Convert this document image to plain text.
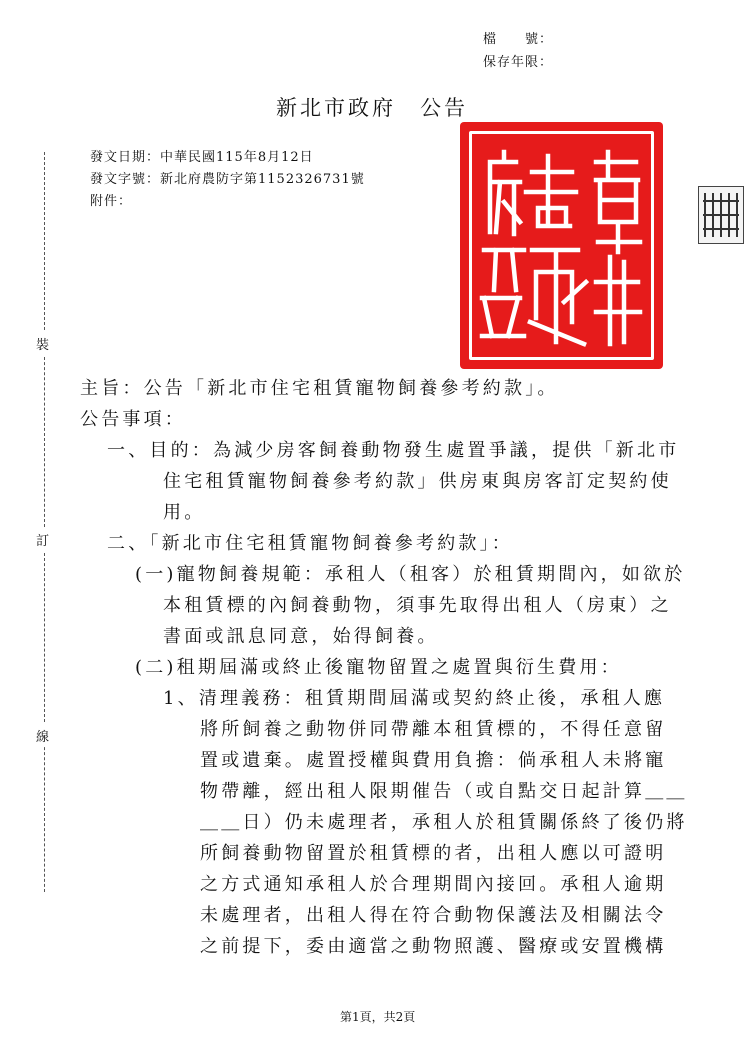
檔　　號：
保存年限：
新北市政府　公告
發文日期：中華民國115年8月12日
發文字號：新北府農防字第1152326731號
附件：
裝
訂
線
主旨：公告「新北市住宅租賃寵物飼養參考約款」。
公告事項：
一、目的：為減少房客飼養動物發生處置爭議，提供「新北市
住宅租賃寵物飼養參考約款」供房東與房客訂定契約使
用。
二、「新北市住宅租賃寵物飼養參考約款」：
(一)寵物飼養規範：承租人（租客）於租賃期間內，如欲於
本租賃標的內飼養動物，須事先取得出租人（房東）之
書面或訊息同意，始得飼養。
(二)租期屆滿或終止後寵物留置之處置與衍生費用：
1、清理義務：租賃期間屆滿或契約終止後，承租人應
將所飼養之動物併同帶離本租賃標的，不得任意留
置或遺棄。處置授權與費用負擔：倘承租人未將寵
物帶離，經出租人限期催告（或自點交日起計算＿＿
＿＿日）仍未處理者，承租人於租賃關係終了後仍將
所飼養動物留置於租賃標的者，出租人應以可證明
之方式通知承租人於合理期間內接回。承租人逾期
未處理者，出租人得在符合動物保護法及相關法令
之前提下，委由適當之動物照護、醫療或安置機構
第1頁，共2頁
